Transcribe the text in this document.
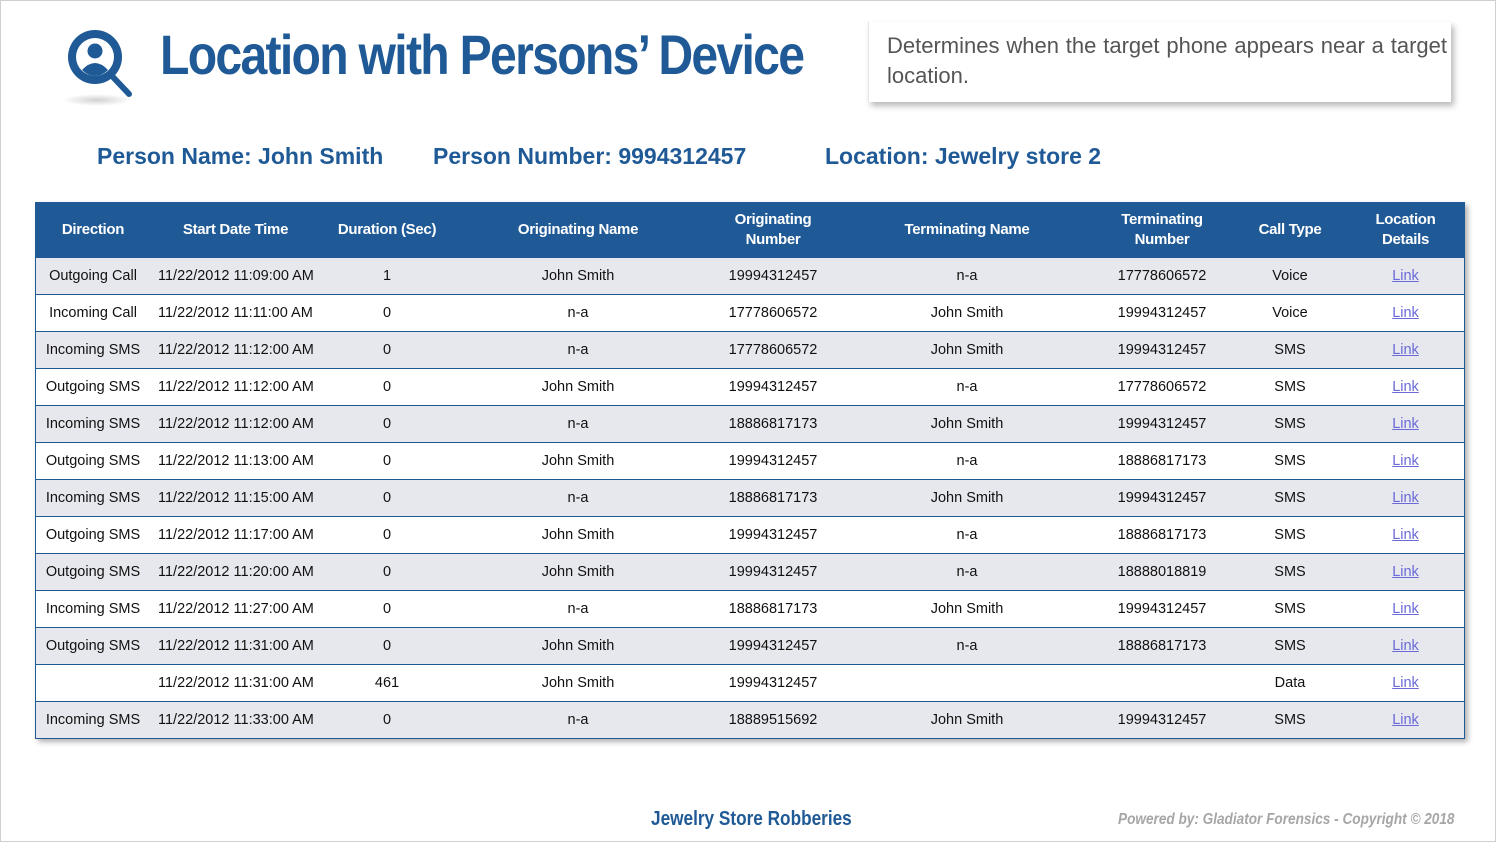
Location with Persons’ Device	Determines when the target phone appears near a target location.
Person Name: John Smith Person Number: 9994312457	Location: Jewelry store 2
Direction	Start Date Time	Duration (Sec)	Originating Name	Originating Number	Terminating Name	Terminating Number	Call Type	Location Details
Outgoing Call	11/22/2012 11:09:00 AM	1	John Smith	19994312457	n-a	17778606572	Voice	Link
Incoming Call	11/22/2012 11:11:00 AM	0	n-a	17778606572	John Smith	19994312457	Voice	Link
Incoming SMS	11/22/2012 11:12:00 AM	0	n-a	17778606572	John Smith	19994312457	SMS	Link
Outgoing SMS	11/22/2012 11:12:00 AM	0	John Smith	19994312457	n-a	17778606572	SMS	Link
Incoming SMS	11/22/2012 11:12:00 AM	0	n-a	18886817173	John Smith	19994312457	SMS	Link
Outgoing SMS	11/22/2012 11:13:00 AM	0	John Smith	19994312457	n-a	18886817173	SMS	Link
Incoming SMS	11/22/2012 11:15:00 AM	0	n-a	18886817173	John Smith	19994312457	SMS	Link
Outgoing SMS	11/22/2012 11:17:00 AM	0	John Smith	19994312457	n-a	18886817173	SMS	Link
Outgoing SMS	11/22/2012 11:20:00 AM	0	John Smith	19994312457	n-a	18888018819	SMS	Link
Incoming SMS	11/22/2012 11:27:00 AM	0	n-a	18886817173	John Smith	19994312457	SMS	Link
Outgoing SMS	11/22/2012 11:31:00 AM	0	John Smith	19994312457	n-a	18886817173	SMS	Link
	11/22/2012 11:31:00 AM	461	John Smith	19994312457			Data	Link
Incoming SMS	11/22/2012 11:33:00 AM	0	n-a	18889515692	John Smith	19994312457	SMS	Link
Jewelry Store Robberies	Powered by: Gladiator Forensics - Copyright © 2018
